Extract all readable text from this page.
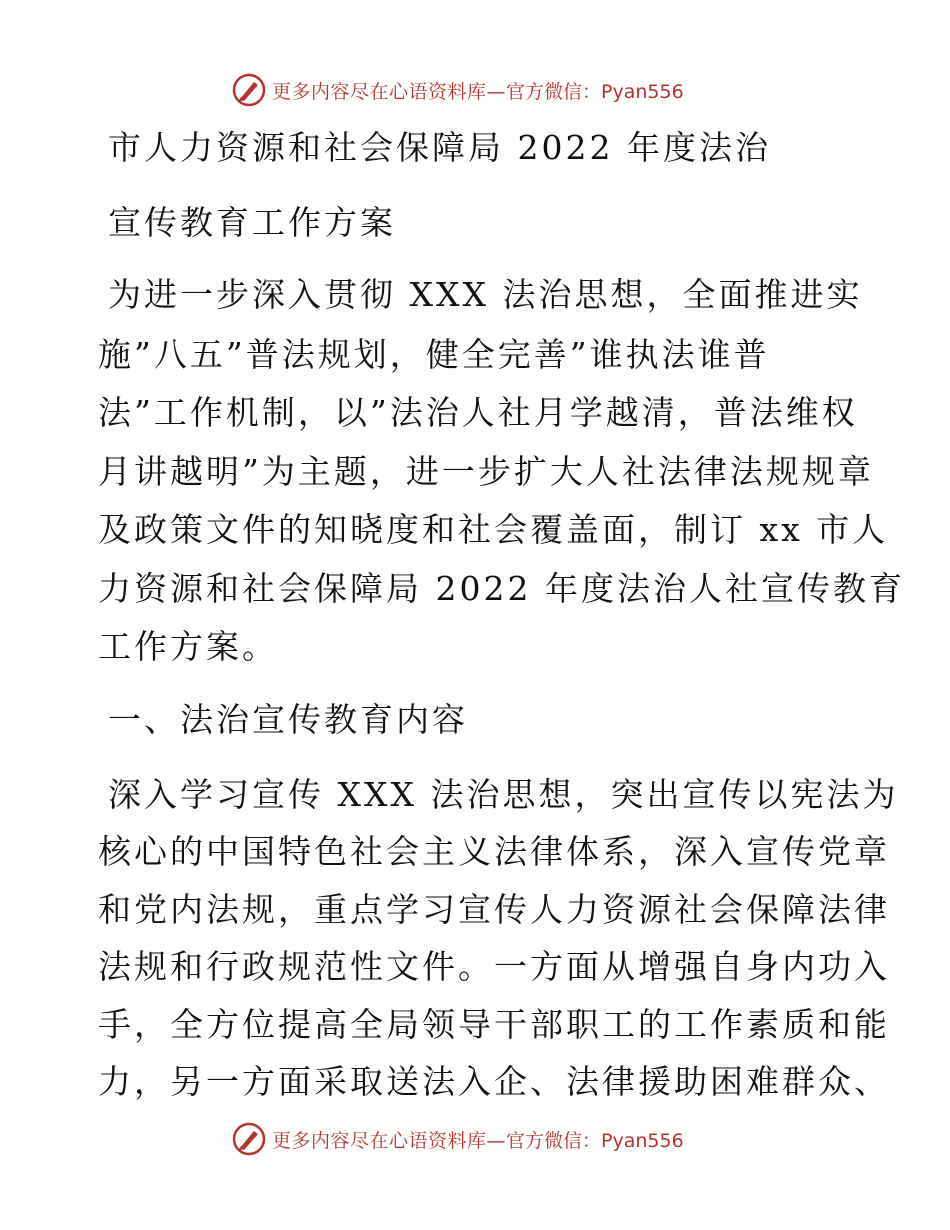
更多内容尽在心语资料库— 官方微信：Pyan556
市人力资源和社会保障局 2022 年度法治
宣传教育工作方案
为进一步深入贯彻 XXX 法治思想，全面推进实
施”八五”普法规划，健全完善”谁执法谁普
法”工作机制，以”法治人社月学越清，普法维权
月讲越明”为主题，进一步扩大人社法律法规规章
及政策文件的知晓度和社会覆盖面，制订 xx 市人
力资源和社会保障局 2022 年度法治人社宣传教育
工作方案。
一、法治宣传教育内容
深入学习宣传 XXX 法治思想，突出宣传以宪法为
核心的中国特色社会主义法律体系，深入宣传党章
和党内法规，重点学习宣传人力资源社会保障法律
法规和行政规范性文件。一方面从增强自身内功入
手，全方位提高全局领导干部职工的工作素质和能
力，另一方面采取送法入企、法律援助困难群众、
更多内容尽在心语资料库— 官方微信：Pyan556
